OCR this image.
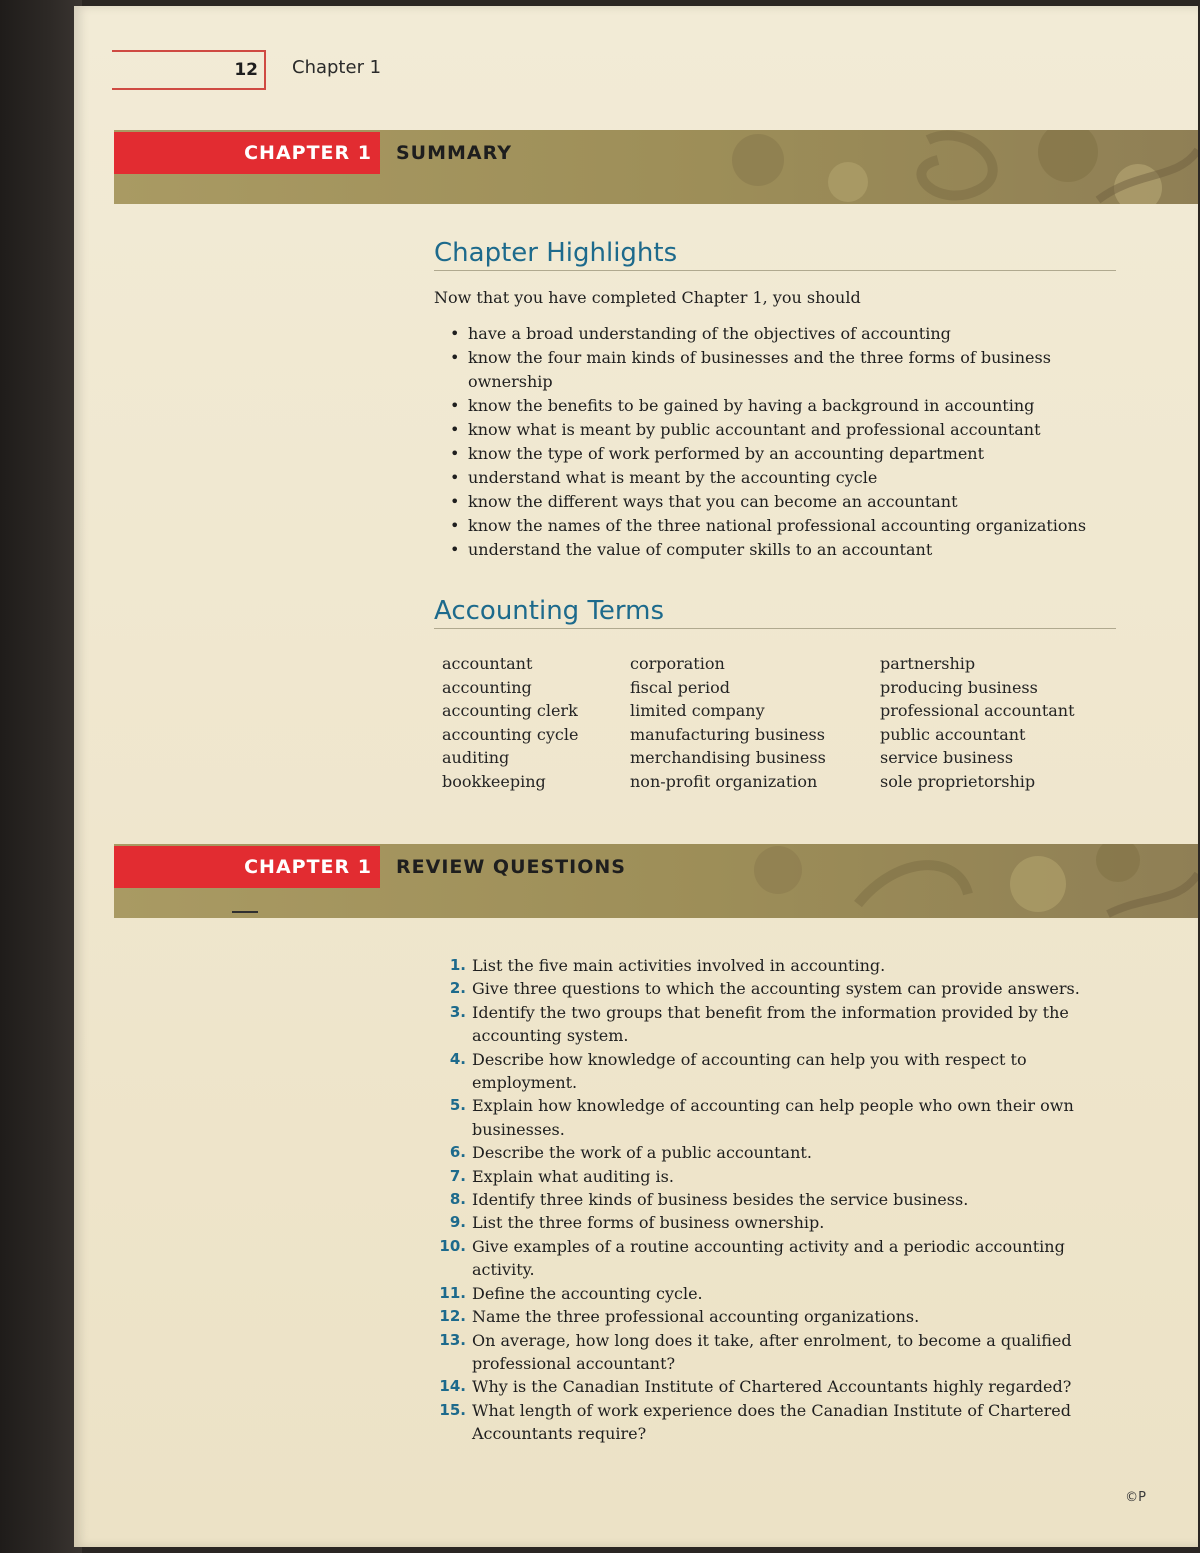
12 Chapter 1
CHAPTER 1 SUMMARY
Chapter Highlights
Now that you have completed Chapter 1, you should
• have a broad understanding of the objectives of accounting
• know the four main kinds of businesses and the three forms of business ownership
• know the benefits to be gained by having a background in accounting
• know what is meant by public accountant and professional accountant
• know the type of work performed by an accounting department
• understand what is meant by the accounting cycle
• know the different ways that you can become an accountant
• know the names of the three national professional accounting organizations
• understand the value of computer skills to an accountant
Accounting Terms
accountant
accounting
accounting clerk
accounting cycle
auditing
bookkeeping
corporation
fiscal period
limited company
manufacturing business
merchandising business
non-profit organization
partnership
producing business
professional accountant
public accountant
service business
sole proprietorship
CHAPTER 1 REVIEW QUESTIONS
1. List the five main activities involved in accounting.
2. Give three questions to which the accounting system can provide answers.
3. Identify the two groups that benefit from the information provided by the accounting system.
4. Describe how knowledge of accounting can help you with respect to employment.
5. Explain how knowledge of accounting can help people who own their own businesses.
6. Describe the work of a public accountant.
7. Explain what auditing is.
8. Identify three kinds of business besides the service business.
9. List the three forms of business ownership.
10. Give examples of a routine accounting activity and a periodic accounting activity.
11. Define the accounting cycle.
12. Name the three professional accounting organizations.
13. On average, how long does it take, after enrolment, to become a qualified professional accountant?
14. Why is the Canadian Institute of Chartered Accountants highly regarded?
15. What length of work experience does the Canadian Institute of Chartered Accountants require?
©P
